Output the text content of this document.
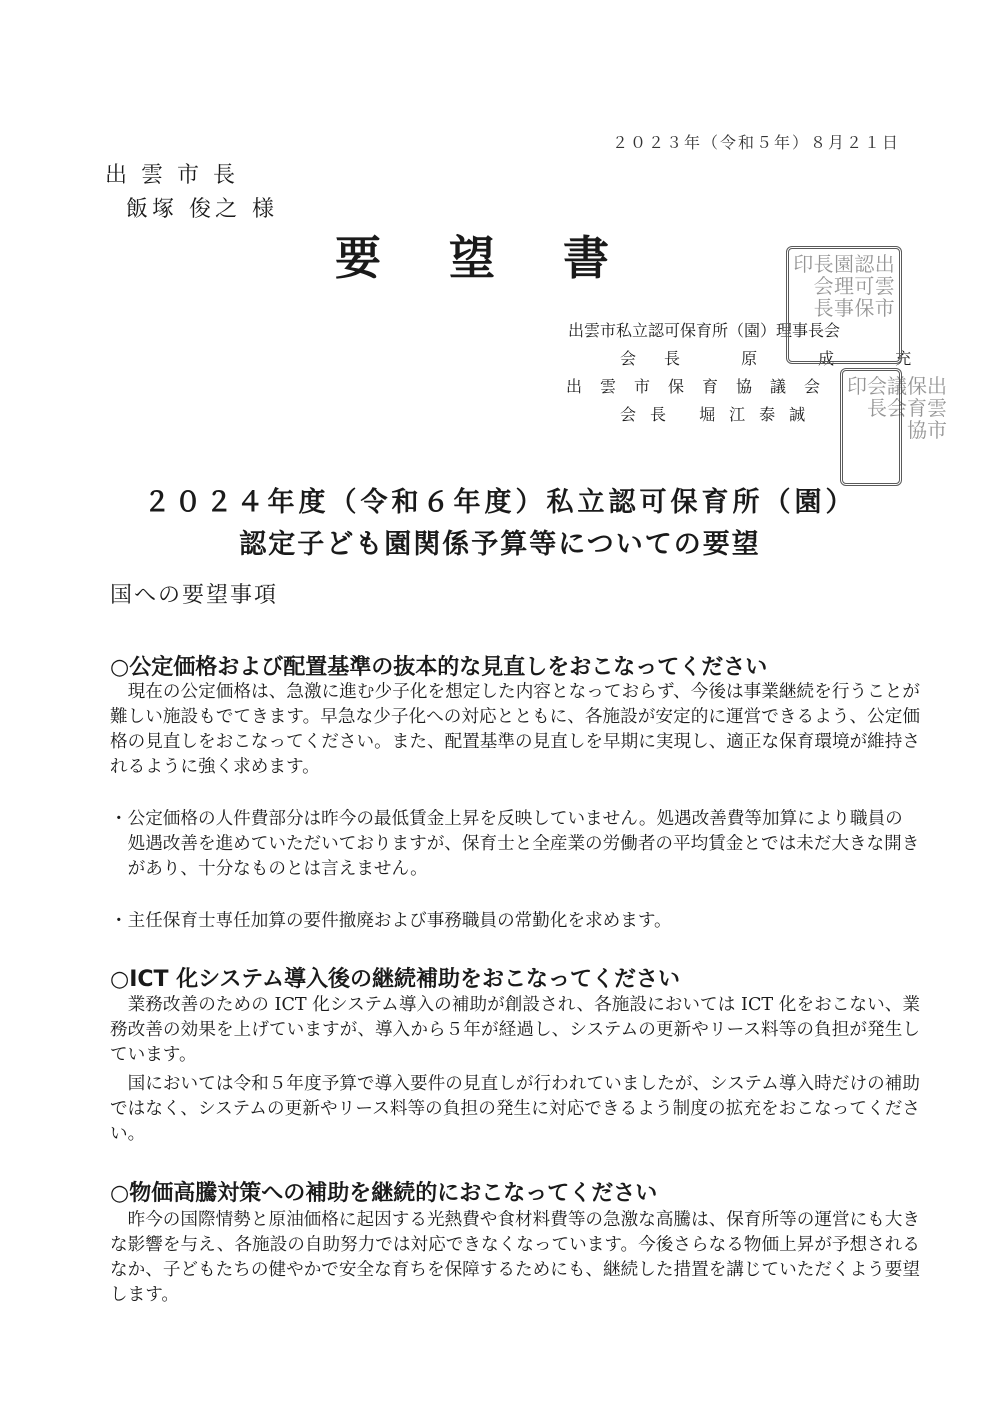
２０２３年（令和５年）８月２１日
出雲市長
飯塚 俊之 様
要望書
出雲市私立認可保育所（園）理事長会
会長 原 成 充
出雲市保育協議会
会長 堀江泰誠
印 長
会
長
園
理
事
認
可
保
出
雲
市
印 会
長
議
会
保
育
協
出
雲
市
２０２４年度（令和６年度）私立認可保育所（園）
認定子ども園関係予算等についての要望
国への要望事項
○公定価格および配置基準の抜本的な見直しをおこなってください
現在の公定価格は、急激に進む少子化を想定した内容となっておらず、今後は事業継続を行うことが難しい施設もでてきます。早急な少子化への対応とともに、各施設が安定的に運営できるよう、公定価格の見直しをおこなってください。また、配置基準の見直しを早期に実現し、適正な保育環境が維持されるように強く求めます。
・公定価格の人件費部分は昨今の最低賃金上昇を反映していません。処遇改善費等加算により職員の処遇改善を進めていただいておりますが、保育士と全産業の労働者の平均賃金とでは未だ大きな開きがあり、十分なものとは言えません。
・主任保育士専任加算の要件撤廃および事務職員の常勤化を求めます。
○ICT 化システム導入後の継続補助をおこなってください
業務改善のための ICT 化システム導入の補助が創設され、各施設においては ICT 化をおこない、業務改善の効果を上げていますが、導入から５年が経過し、システムの更新やリース料等の負担が発生しています。
国においては令和５年度予算で導入要件の見直しが行われていましたが、システム導入時だけの補助ではなく、システムの更新やリース料等の負担の発生に対応できるよう制度の拡充をおこなってください。
○物価高騰対策への補助を継続的におこなってください
昨今の国際情勢と原油価格に起因する光熱費や食材料費等の急激な高騰は、保育所等の運営にも大きな影響を与え、各施設の自助努力では対応できなくなっています。今後さらなる物価上昇が予想されるなか、子どもたちの健やかで安全な育ちを保障するためにも、継続した措置を講じていただくよう要望します。
